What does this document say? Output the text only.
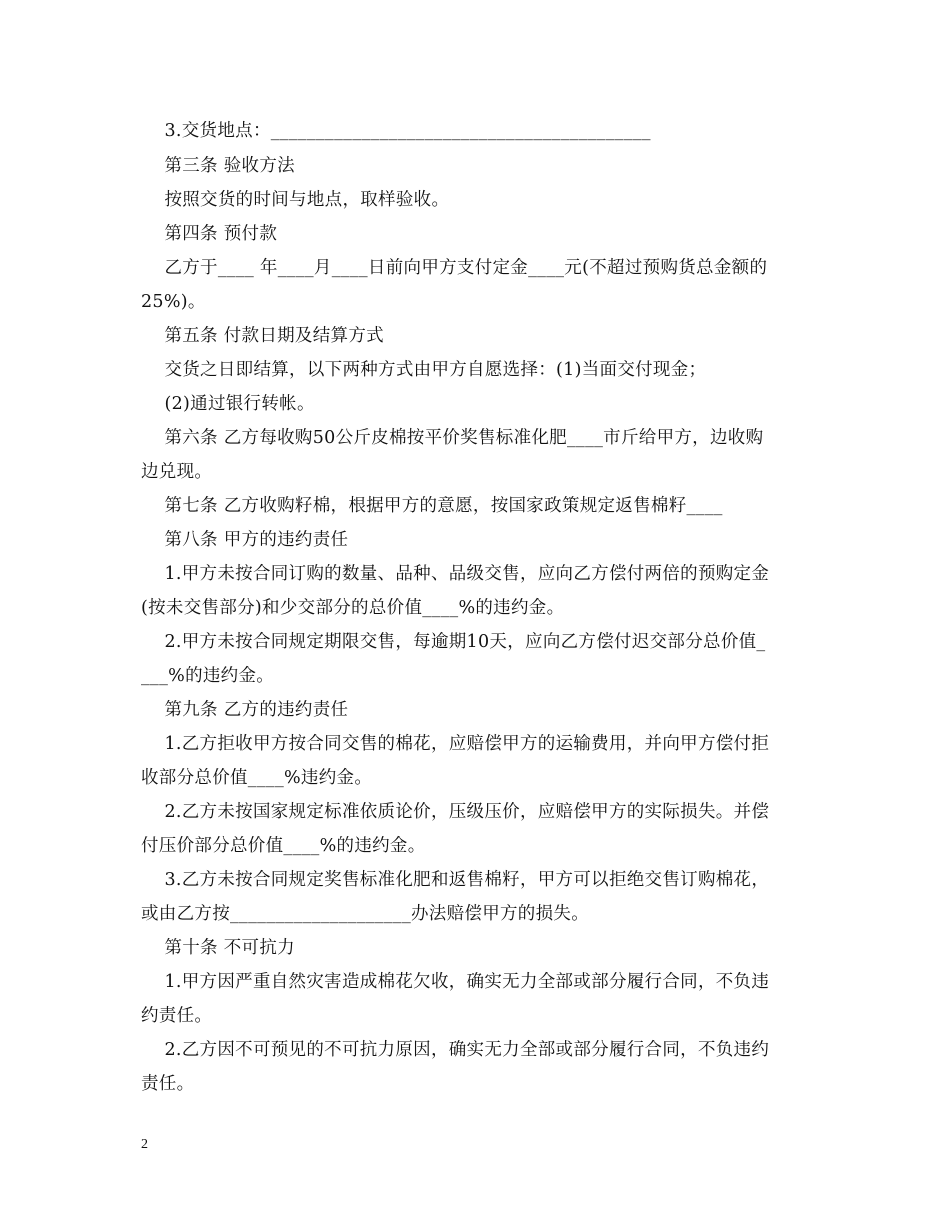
3.交货地点：__________________________________________
第三条 验收方法
按照交货的时间与地点，取样验收。
第四条 预付款
乙方于____ 年____月____日前向甲方支付定金____元(不超过预购货总金额的
25%)。
第五条 付款日期及结算方式
交货之日即结算，以下两种方式由甲方自愿选择：(1)当面交付现金；
(2)通过银行转帐。
第六条 乙方每收购50公斤皮棉按平价奖售标准化肥____市斤给甲方，边收购
边兑现。
第七条 乙方收购籽棉，根据甲方的意愿，按国家政策规定返售棉籽____
第八条 甲方的违约责任
1.甲方未按合同订购的数量、品种、品级交售，应向乙方偿付两倍的预购定金
(按未交售部分)和少交部分的总价值____%的违约金。
2.甲方未按合同规定期限交售，每逾期10天，应向乙方偿付迟交部分总价值_
___%的违约金。
第九条 乙方的违约责任
1.乙方拒收甲方按合同交售的棉花，应赔偿甲方的运输费用，并向甲方偿付拒
收部分总价值____%违约金。
2.乙方未按国家规定标准依质论价，压级压价，应赔偿甲方的实际损失。并偿
付压价部分总价值____%的违约金。
3.乙方未按合同规定奖售标准化肥和返售棉籽，甲方可以拒绝交售订购棉花，
或由乙方按____________________办法赔偿甲方的损失。
第十条 不可抗力
1.甲方因严重自然灾害造成棉花欠收，确实无力全部或部分履行合同，不负违
约责任。
2.乙方因不可预见的不可抗力原因，确实无力全部或部分履行合同，不负违约
责任。
2
